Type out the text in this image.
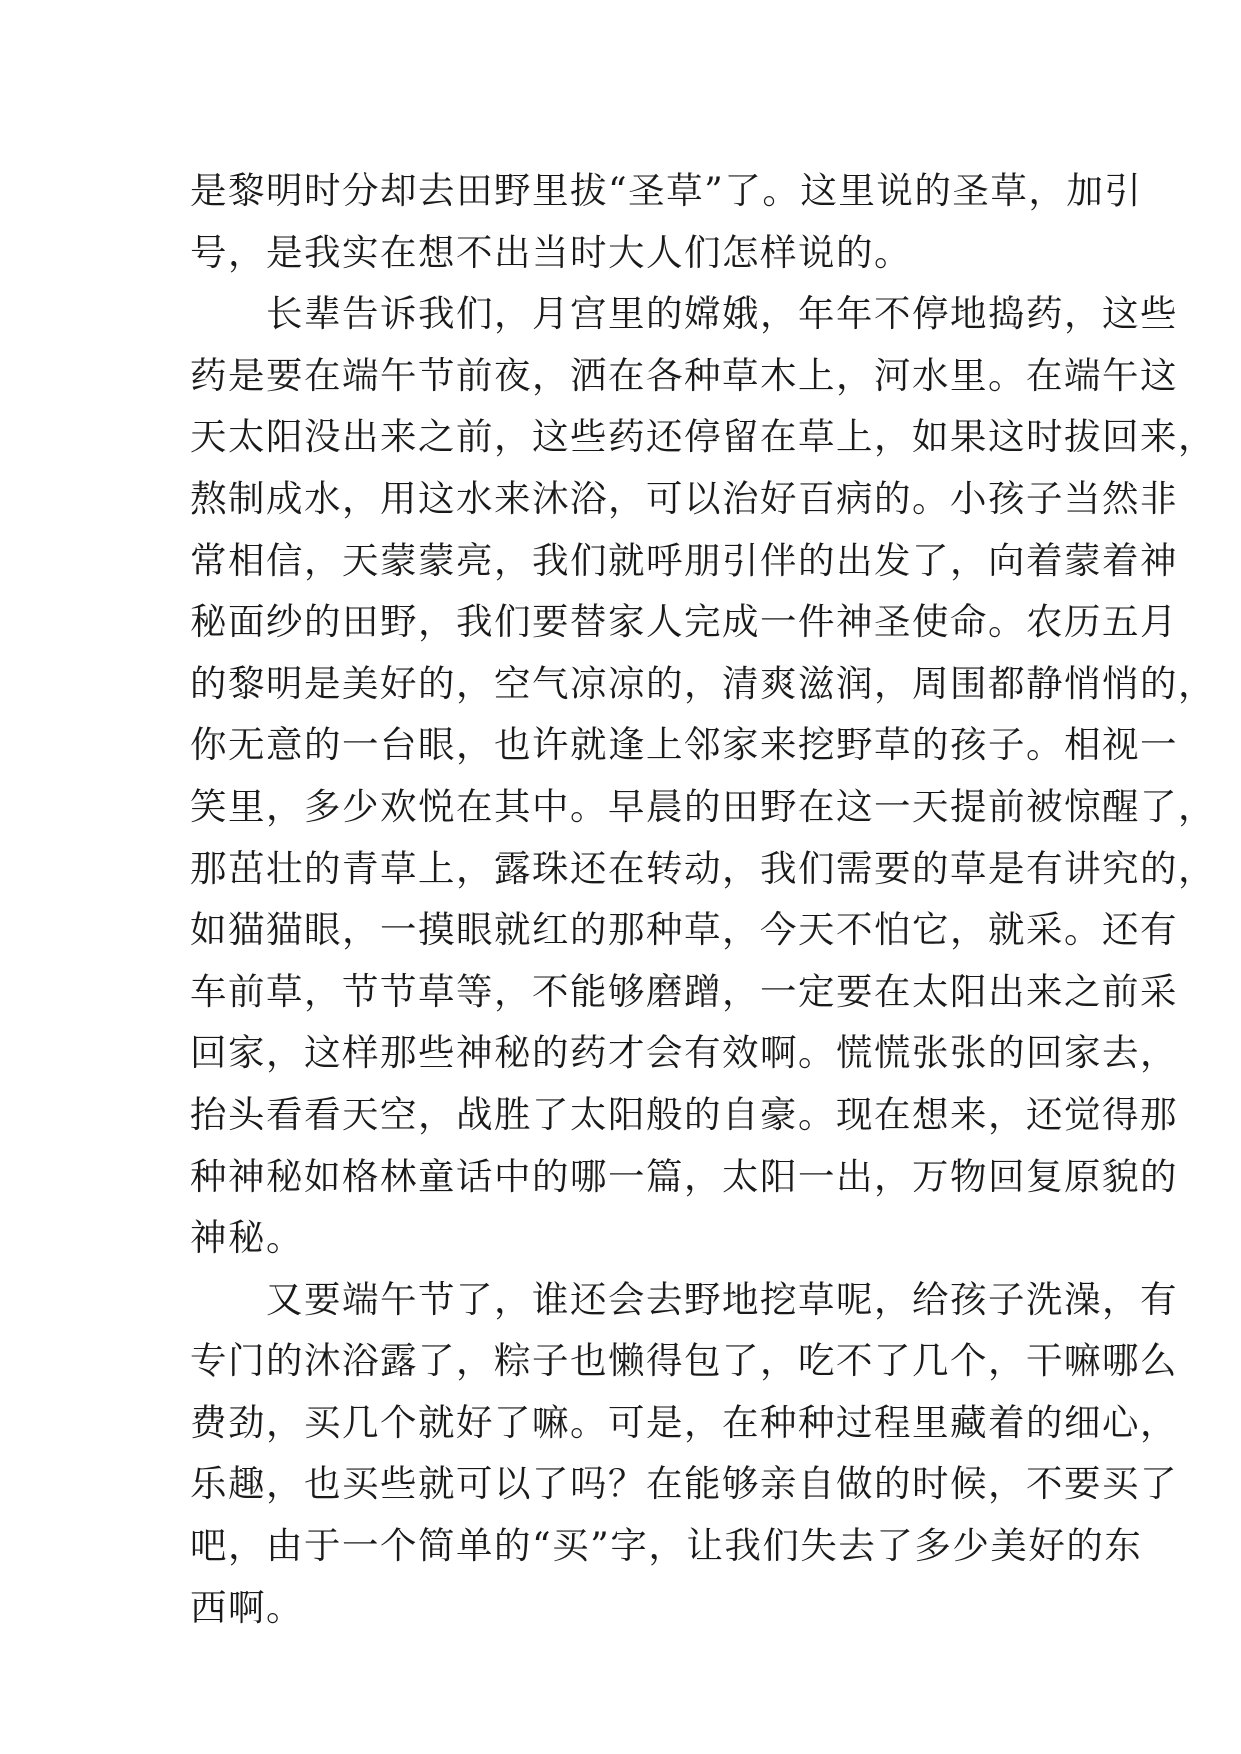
是黎明时分却去田野里拔“圣草”了。这里说的圣草，加引
号，是我实在想不出当时大人们怎样说的。
长辈告诉我们，月宫里的嫦娥，年年不停地捣药，这些
药是要在端午节前夜，洒在各种草木上，河水里。在端午这
天太阳没出来之前，这些药还停留在草上，如果这时拔回来，
熬制成水，用这水来沐浴，可以治好百病的。小孩子当然非
常相信，天蒙蒙亮，我们就呼朋引伴的出发了，向着蒙着神
秘面纱的田野，我们要替家人完成一件神圣使命。农历五月
的黎明是美好的，空气凉凉的，清爽滋润，周围都静悄悄的，
你无意的一台眼，也许就逢上邻家来挖野草的孩子。相视一
笑里，多少欢悦在其中。早晨的田野在这一天提前被惊醒了，
那茁壮的青草上，露珠还在转动，我们需要的草是有讲究的，
如猫猫眼，一摸眼就红的那种草，今天不怕它，就采。还有
车前草，节节草等，不能够磨蹭，一定要在太阳出来之前采
回家，这样那些神秘的药才会有效啊。慌慌张张的回家去，
抬头看看天空，战胜了太阳般的自豪。现在想来，还觉得那
种神秘如格林童话中的哪一篇，太阳一出，万物回复原貌的
神秘。
又要端午节了，谁还会去野地挖草呢，给孩子洗澡，有
专门的沐浴露了，粽子也懒得包了，吃不了几个，干嘛哪么
费劲，买几个就好了嘛。可是，在种种过程里藏着的细心，
乐趣，也买些就可以了吗？在能够亲自做的时候，不要买了
吧，由于一个简单的“买”字，让我们失去了多少美好的东
西啊。
